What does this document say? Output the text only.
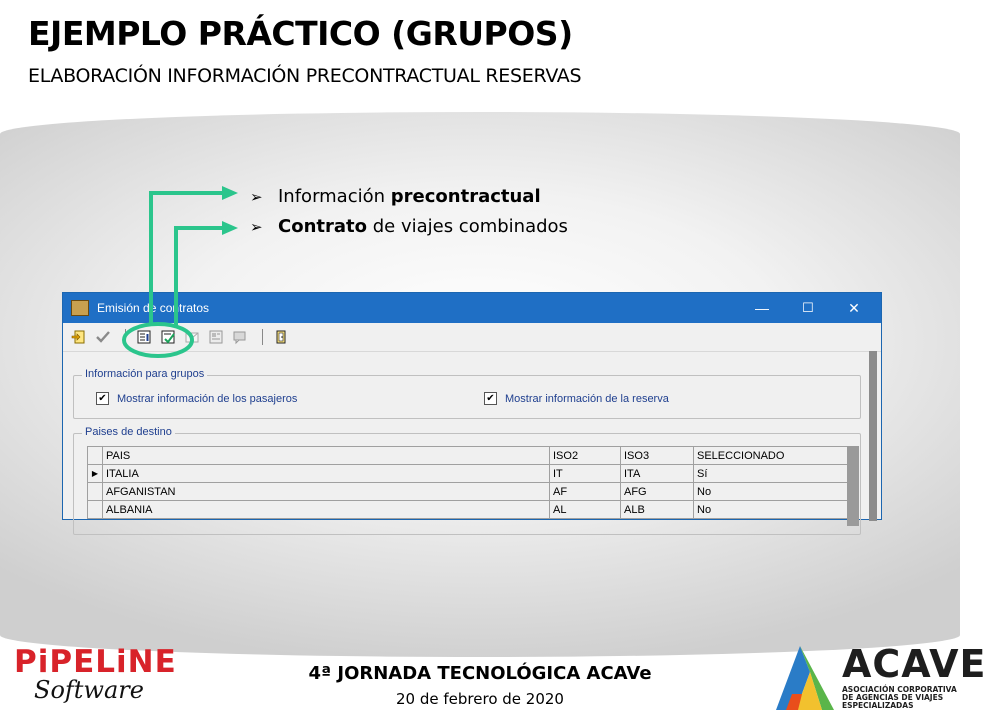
EJEMPLO PRÁCTICO (GRUPOS)
ELABORACIÓN INFORMACIÓN PRECONTRACTUAL RESERVAS
➢ Información precontractual
➢ Contrato de viajes combinados
Emisión de contratos	—	☐	✕
Información para grupos
✔ Mostrar información de los pasajeros	✔ Mostrar información de la reserva
Paises de destino
	PAIS	ISO2	ISO3	SELECCIONADO
▶	ITALIA	IT	ITA	Sí
	AFGANISTAN	AF	AFG	No
	ALBANIA	AL	ALB	No
PiPELiNE
Software
4ª JORNADA TECNOLÓGICA ACAVe
20 de febrero de 2020
ACAVE
ASOCIACIÓN CORPORATIVA DE AGENCIAS DE VIAJES ESPECIALIZADAS
